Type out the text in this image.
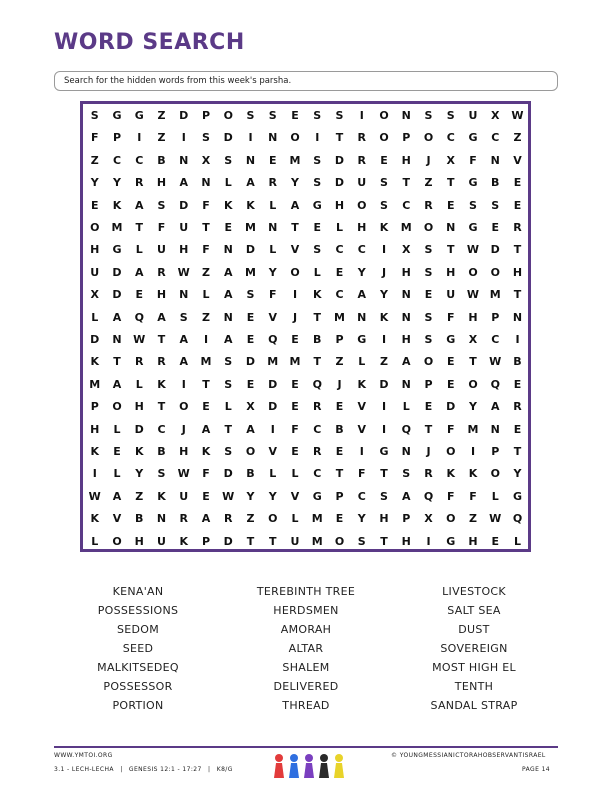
WORD SEARCH
Search for the hidden words from this week's parsha.
S	G	G	Z	D	P	O	S	S	E	S	S	I	O	N	S	S	U	X	W
F	P	I	Z	I	S	D	I	N	O	I	T	R	O	P	O	C	G	C	Z
Z	C	C	B	N	X	S	N	E	M	S	D	R	E	H	J	X	F	N	V
Y	Y	R	H	A	N	L	A	R	Y	S	D	U	S	T	Z	T	G	B	E
E	K	A	S	D	F	K	K	L	A	G	H	O	S	C	R	E	S	S	E
O	M	T	F	U	T	E	M	N	T	E	L	H	K	M	O	N	G	E	R
H	G	L	U	H	F	N	D	L	V	S	C	C	I	X	S	T	W	D	T
U	D	A	R	W	Z	A	M	Y	O	L	E	Y	J	H	S	H	O	O	H
X	D	E	H	N	L	A	S	F	I	K	C	A	Y	N	E	U	W M	T
L	A	Q	A	S	Z	N	E	V	J	T	M	N	K	N	S	F	H	P	N
D	N	W	T	A	I	A	E	Q	E	B	P	G	I	H	S	G	X	C	I
K	T	R	R	A	M	S	D	M	M	T	Z	L	Z	A	O	E	T	W	B
M	A	L	K	I	T	S	E	D	E	Q	J	K	D	N	P	E	O	Q	E
P	O	H	T	O	E	L	X	D	E	R	E	V	I	L	E	D	Y	A	R
H	L	D	C	J	A	T	A	I	F	C	B	V	I	Q	T	F	M	N	E
K	E	K	B	H	K	S	O	V	E	R	E	I	G	N	J	O	I	P	T
I	L	Y	S	W	F	D	B	L	L	C	T	F	T	S	R	K	K	O	Y
W	A	Z	K	U	E	W	Y	Y	V	G	P	C	S	A	Q	F	F	L	G
K	V	B	N	R	A	R	Z	O	L	M	E	Y	H	P	X	O	Z	W	Q
L	O	H	U	K	P	D	T	T	U	M	O	S	T	H	I	G	H	E	L
KENA'AN
POSSESSIONS
SEDOM
SEED
MALKITSEDEQ
POSSESSOR
PORTION
TEREBINTH TREE
HERDSMEN
AMORAH
ALTAR
SHALEM
DELIVERED
THREAD
LIVESTOCK
SALT SEA
DUST
SOVEREIGN
MOST HIGH EL
TENTH
SANDAL STRAP
WWW.YMTOI.ORG
3.1 - LECH-LECHA | GENESIS 12:1 - 17:27 | K8/G
© YOUNGMESSIANICTORAHOBSERVANTISRAEL
PAGE 14
